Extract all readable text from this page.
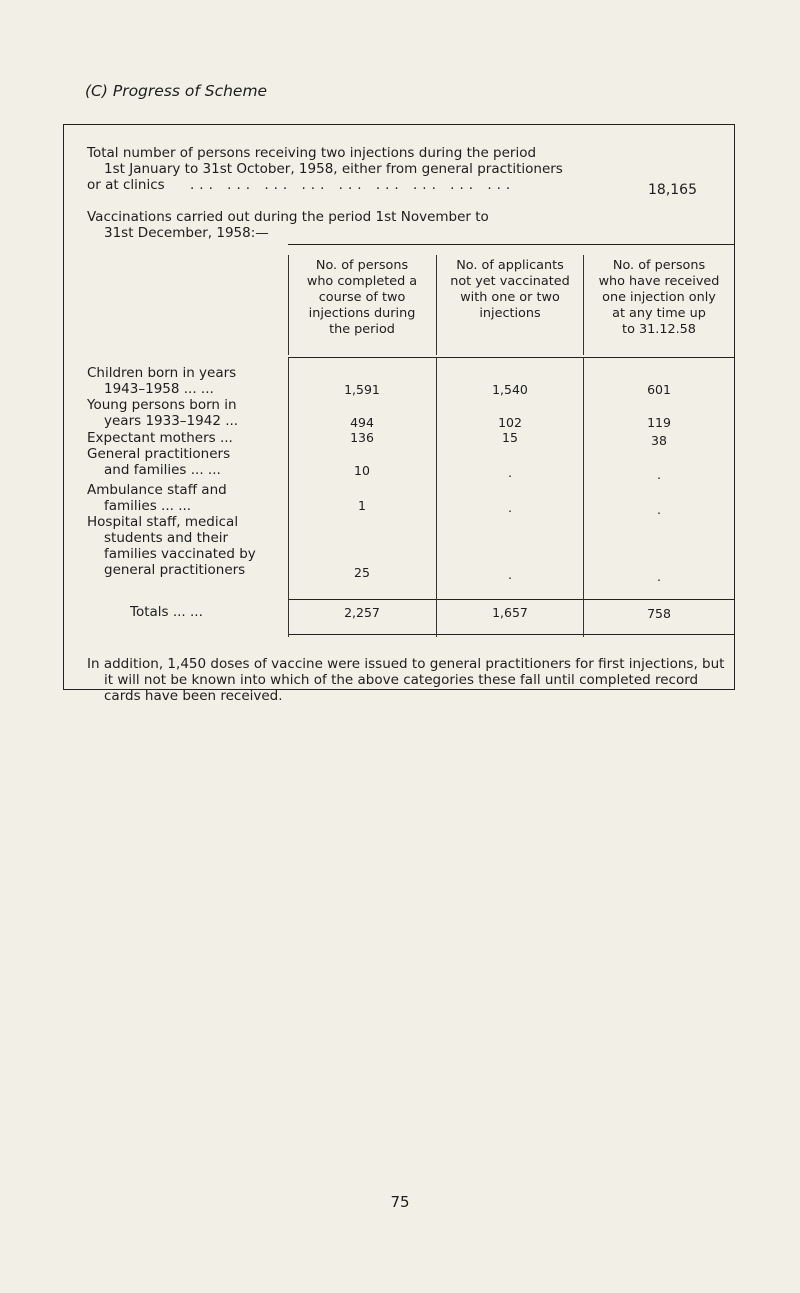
(C) Progress of Scheme
Total number of persons receiving two injections during the period
1st January to 31st October, 1958, either from general practitioners
or at clinics ... ... ... ... ... ... ... ... ...	18,165
Vaccinations carried out during the period 1st November to
31st December, 1958:—
No. of persons
who completed a
course of two
injections during
the period
No. of applicants
not yet vaccinated
with one or two
injections
No. of persons
who have received
one injection only
at any time up
to 31.12.58
Children born in years
1943–1958 ... ...	1,591	1,540	601
Young persons born in
years 1933–1942 ...	494	102	119
Expectant mothers ...	136	15	38
General practitioners
and families ... ...	10	.	.
Ambulance staff and
families ... ...	1	.	.
Hospital staff, medical
students and their
families vaccinated by
general practitioners	25	.	.
Totals ... ...	2,257	1,657	758
In addition, 1,450 doses of vaccine were issued to general practitioners for first injections, but it will not be known into which of the above categories these fall until completed record cards have been received.
75
